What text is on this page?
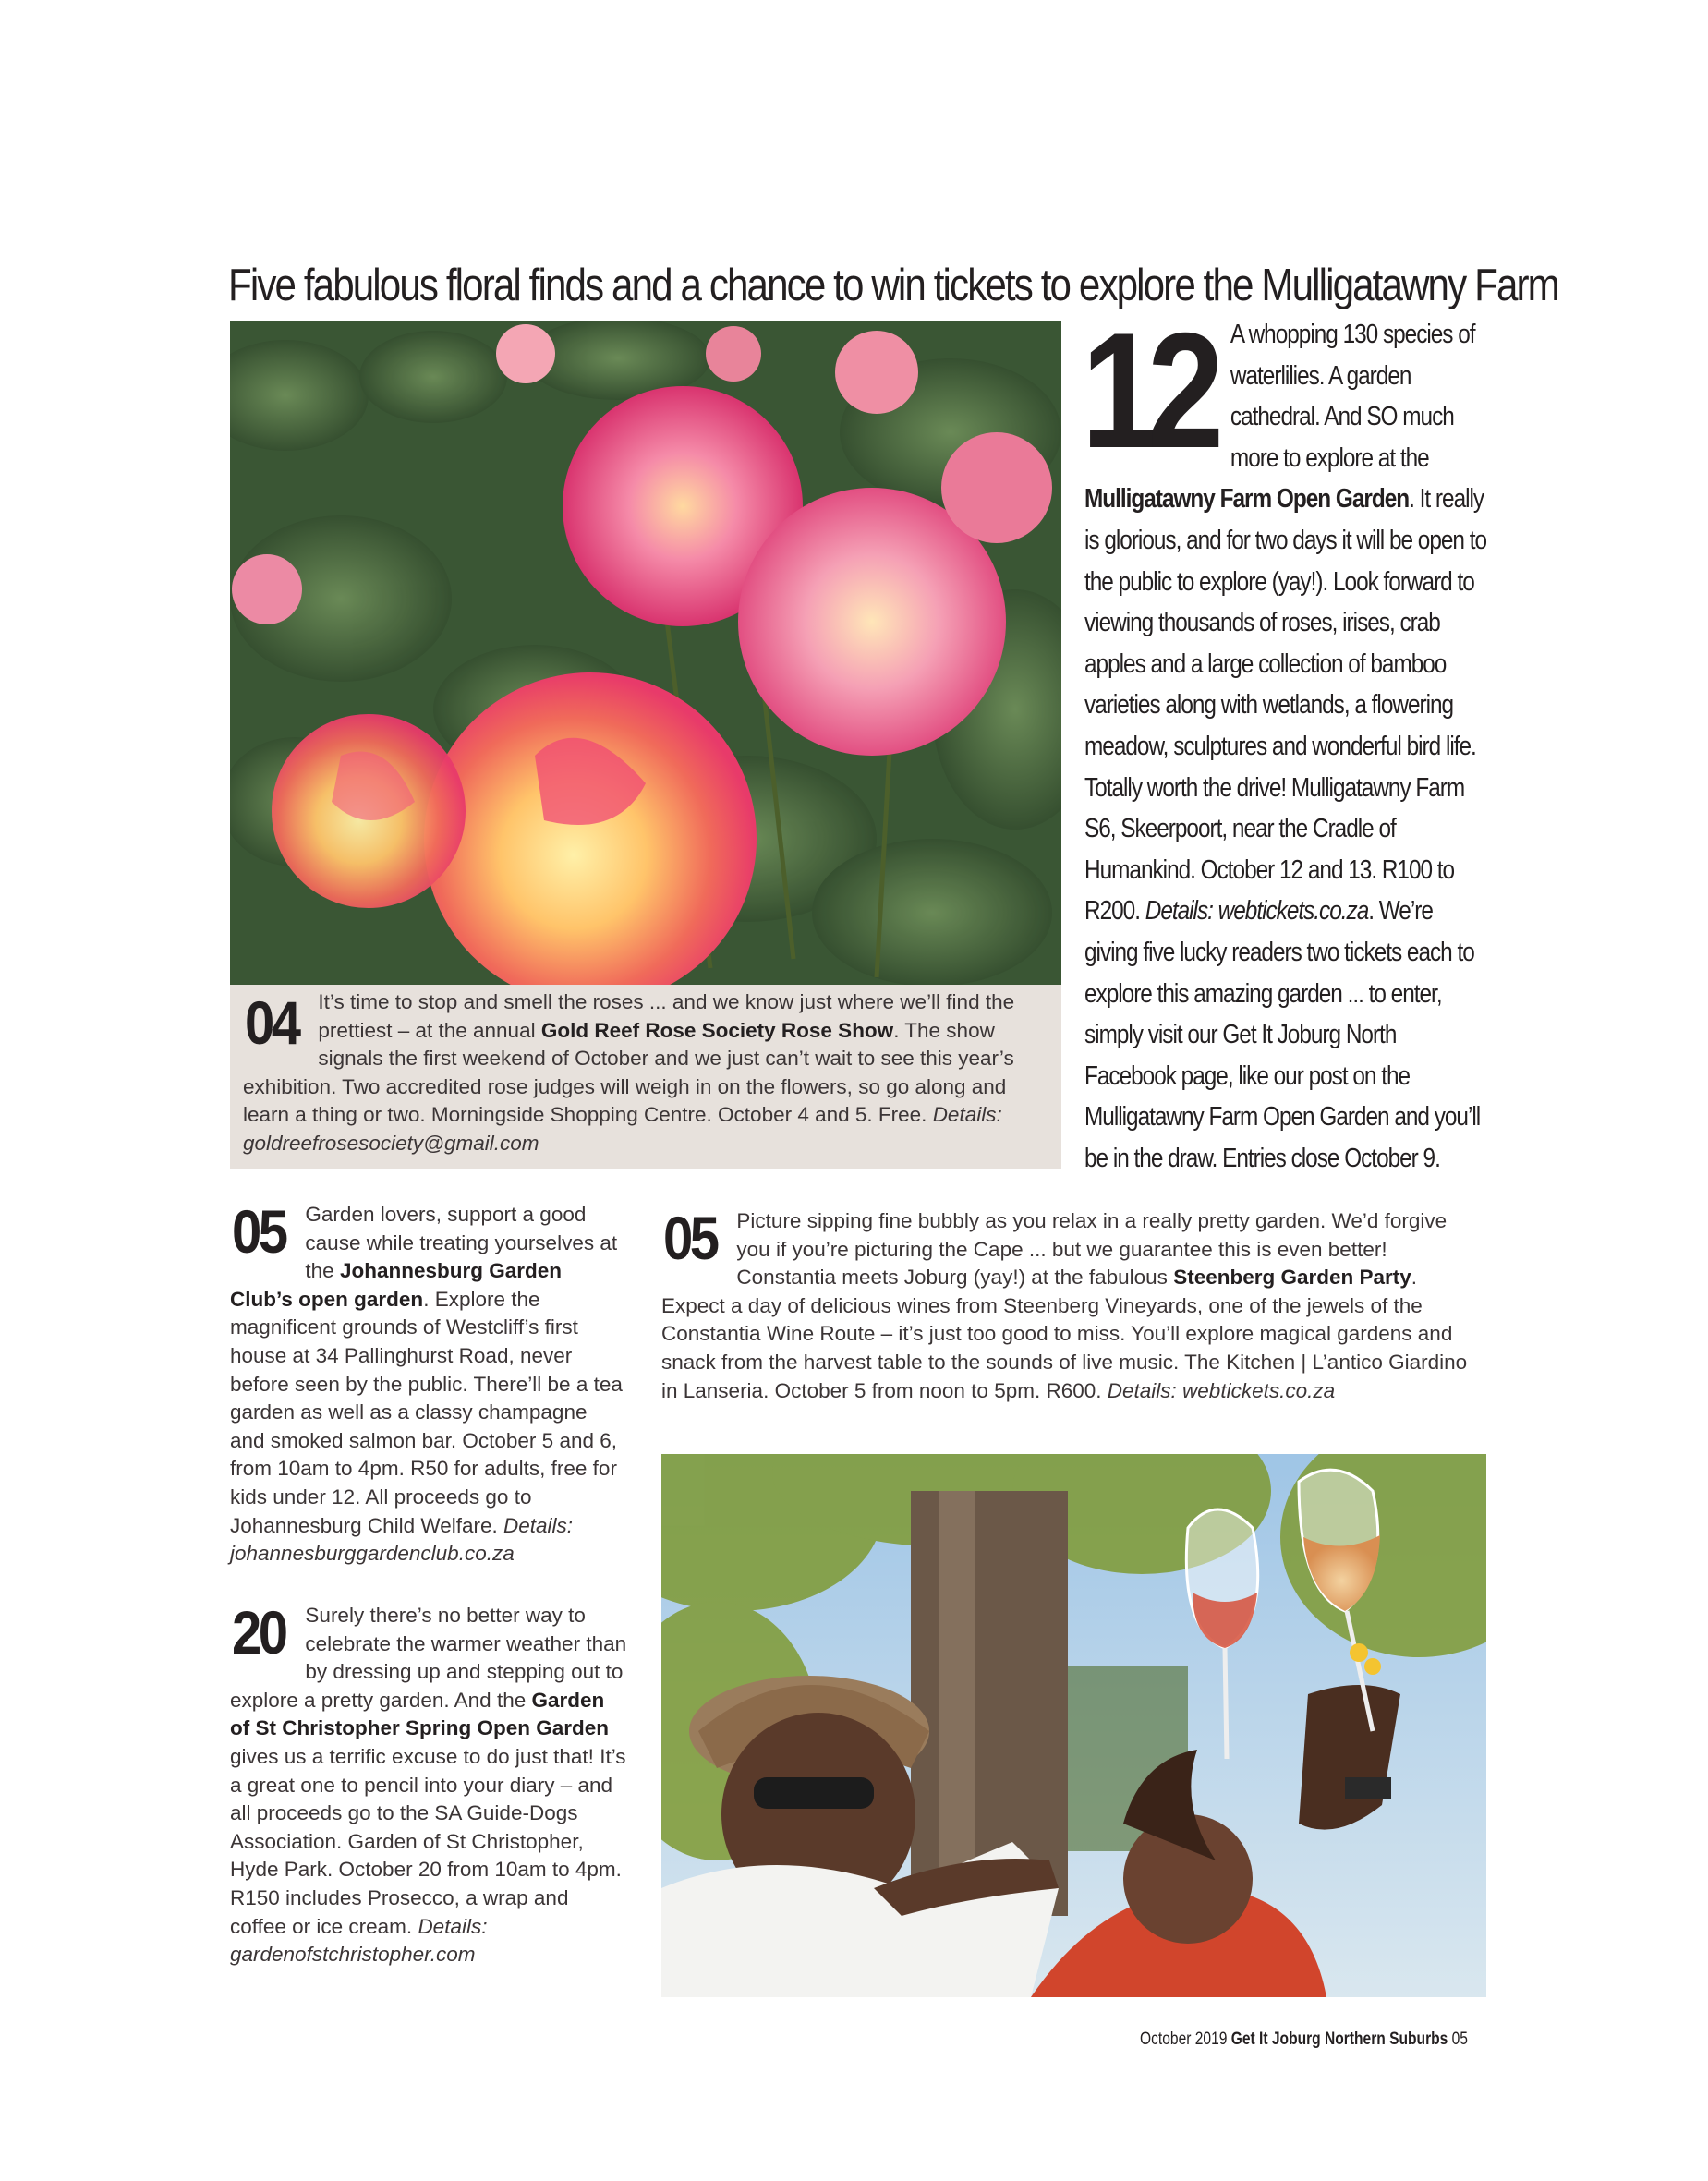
Five fabulous floral finds and a chance to win tickets to explore the Mulligatawny Farm
04 It’s time to stop and smell the roses ... and we know just where we’ll find the prettiest – at the annual Gold Reef Rose Society Rose Show. The show signals the first weekend of October and we just can’t wait to see this year’s exhibition. Two accredited rose judges will weigh in on the flowers, so go along and learn a thing or two. Morningside Shopping Centre. October 4 and 5. Free. Details: goldreefrosesociety@gmail.com
12 A whopping 130 species of waterlilies. A garden cathedral. And SO much more to explore at the Mulligatawny Farm Open Garden. It really is glorious, and for two days it will be open to the public to explore (yay!). Look forward to viewing thousands of roses, irises, crab apples and a large collection of bamboo varieties along with wetlands, a flowering meadow, sculptures and wonderful bird life. Totally worth the drive! Mulligatawny Farm S6, Skeerpoort, near the Cradle of Humankind. October 12 and 13. R100 to R200. Details: webtickets.co.za. We’re giving five lucky readers two tickets each to explore this amazing garden ... to enter, simply visit our Get It Joburg North Facebook page, like our post on the Mulligatawny Farm Open Garden and you’ll be in the draw. Entries close October 9.
05 Garden lovers, support a good cause while treating yourselves at the Johannesburg Garden Club’s open garden. Explore the magnificent grounds of Westcliff’s first house at 34 Pallinghurst Road, never before seen by the public. There’ll be a tea garden as well as a classy champagne and smoked salmon bar. October 5 and 6, from 10am to 4pm. R50 for adults, free for kids under 12. All proceeds go to Johannesburg Child Welfare. Details: johannesburggardenclub.co.za
05 Picture sipping fine bubbly as you relax in a really pretty garden. We’d forgive you if you’re picturing the Cape ... but we guarantee this is even better! Constantia meets Joburg (yay!) at the fabulous Steenberg Garden Party. Expect a day of delicious wines from Steenberg Vineyards, one of the jewels of the Constantia Wine Route – it’s just too good to miss. You’ll explore magical gardens and snack from the harvest table to the sounds of live music. The Kitchen | L’antico Giardino in Lanseria. October 5 from noon to 5pm. R600. Details: webtickets.co.za
20 Surely there’s no better way to celebrate the warmer weather than by dressing up and stepping out to explore a pretty garden. And the Garden of St Christopher Spring Open Garden gives us a terrific excuse to do just that! It’s a great one to pencil into your diary – and all proceeds go to the SA Guide-Dogs Association. Garden of St Christopher, Hyde Park. October 20 from 10am to 4pm. R150 includes Prosecco, a wrap and coffee or ice cream. Details: gardenofstchristopher.com
October 2019 Get It Joburg Northern Suburbs 05
